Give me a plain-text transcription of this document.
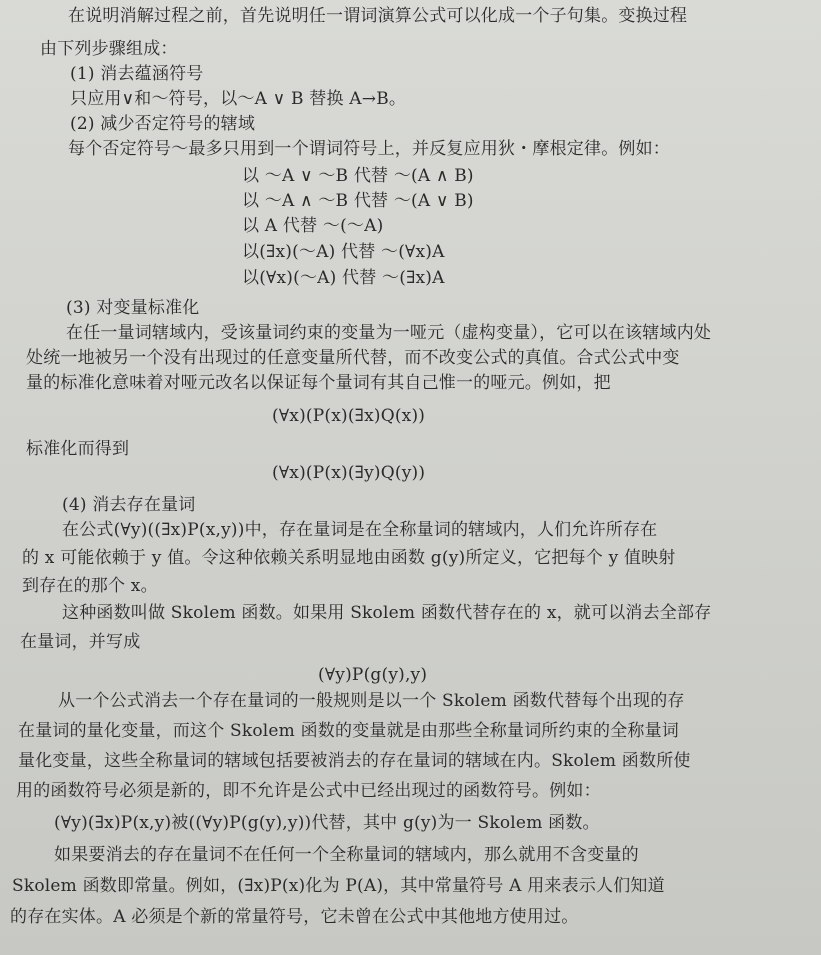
在说明消解过程之前，首先说明任一谓词演算公式可以化成一个子句集。变换过程

由下列步骤组成：

(1) 消去蕴涵符号

只应用∨和～符号，以～A ∨ B 替换 A→B。

(2) 减少否定符号的辖域

每个否定符号～最多只用到一个谓词符号上，并反复应用狄・摩根定律。例如：

以 ～A ∨ ～B 代替 ～(A ∧ B)

以 ～A ∧ ～B 代替 ～(A ∨ B)

以 A 代替 ～(～A)

以(∃x)(～A) 代替 ～(∀x)A

以(∀x)(～A) 代替 ～(∃x)A

(3) 对变量标准化

在任一量词辖域内，受该量词约束的变量为一哑元（虚构变量），它可以在该辖域内处

处统一地被另一个没有出现过的任意变量所代替，而不改变公式的真值。合式公式中变

量的标准化意味着对哑元改名以保证每个量词有其自己惟一的哑元。例如，把

(∀x)(P(x)(∃x)Q(x))

标准化而得到

(∀x)(P(x)(∃y)Q(y))

(4) 消去存在量词

在公式(∀y)((∃x)P(x,y))中，存在量词是在全称量词的辖域内，人们允许所存在

的 x 可能依赖于 y 值。令这种依赖关系明显地由函数 g(y)所定义，它把每个 y 值映射

到存在的那个 x。

这种函数叫做 Skolem 函数。如果用 Skolem 函数代替存在的 x，就可以消去全部存

在量词，并写成

(∀y)P(g(y),y)

从一个公式消去一个存在量词的一般规则是以一个 Skolem 函数代替每个出现的存

在量词的量化变量，而这个 Skolem 函数的变量就是由那些全称量词所约束的全称量词

量化变量，这些全称量词的辖域包括要被消去的存在量词的辖域在内。Skolem 函数所使

用的函数符号必须是新的，即不允许是公式中已经出现过的函数符号。例如：

(∀y)(∃x)P(x,y)被((∀y)P(g(y),y))代替，其中 g(y)为一 Skolem 函数。

如果要消去的存在量词不在任何一个全称量词的辖域内，那么就用不含变量的

Skolem 函数即常量。例如，(∃x)P(x)化为 P(A)，其中常量符号 A 用来表示人们知道

的存在实体。A 必须是个新的常量符号，它未曾在公式中其他地方使用过。
